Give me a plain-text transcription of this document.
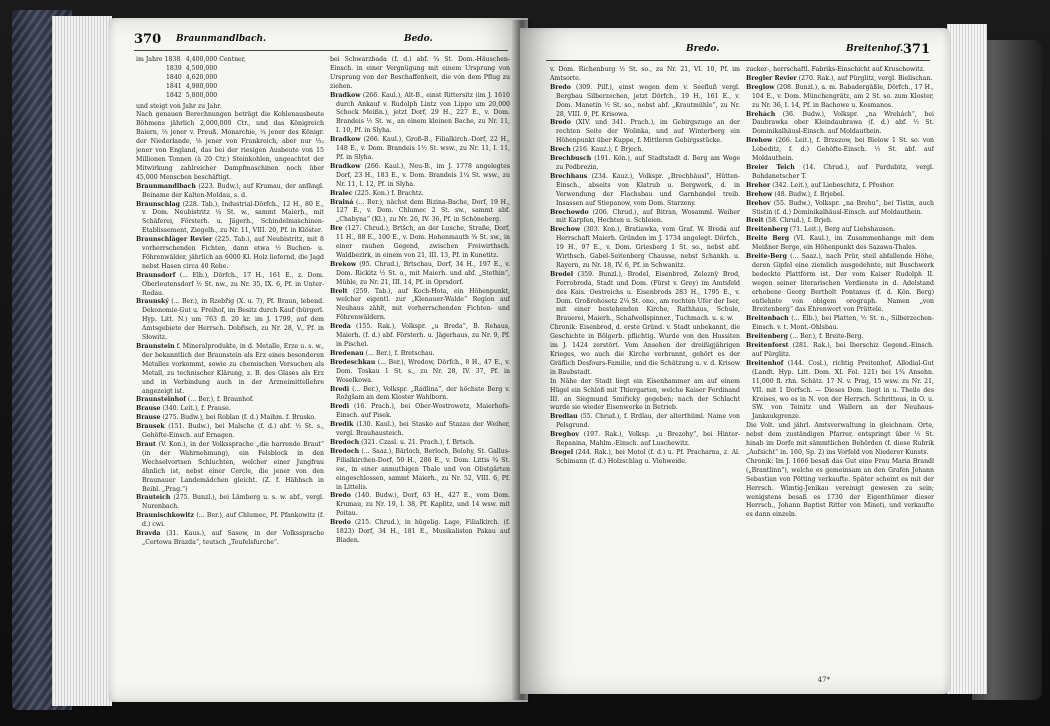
370 Braunmandlbach.	Bedo.
im Jahre 1838	4,400,000 Centner,
1839	4,500,000
1840	4,620,000
1841	4,980,000
1842	5,800,000

und steigt von Jahr zu Jahr.

Nach genauen Berechnungen beträgt die Kohlenausbeute Böhmens jährlich 2,000,000 Ctr., und das Königreich Baiern, ⅓ jener v. Preuß. Monarchie, ¼ jener des Königr. der Niederlande, ⅛ jener von Frankreich, aber nur ⅓₂ jener von England, das bei der riesigen Ausbeute von 15 Millionen Tonnen (à 20 Ctr.) Steinkohlen, ungeachtet der Mitwirkung zahlreicher Dampfmaschinen noch über 45,000 Menschen beschäftigt.

Braunmandlbach (223. Budw.), auf Krumau, der anfängl. Beiname der Kalten-Moldau, s. d.

Braunschlag (228. Tab.), Industrial-Dörfch., 12 H., 80 E., v. Dom. Neubistritz ¼ St. w., sammt Maierh., mit Schäferei, Försterh. u. Jägerh., Schindelmaschinen-Etablissement, Ziegelh., zu Nr. 11, VIII. 20, Pf. in Klöster.

Braunschläger Revier (225. Tab.), auf Neubistritz, mit 8 vorherrschenden Fichten, dann etwa ½ Buchen- u. Föhrenwälder, jährlich an 6000 Kl. Holz liefernd, die Jagd nebst Hasen circa 40 Rehe.

Braunsdorf (... Elb.), Dörfch., 17 H., 161 E., z. Dom. Oberleutensdorf ½ St. nw., zu Nr. 35, IX. 6, Pf. in Unter-Rodau.

Braunský (... Ber.), in Rzebřig (X. u. 7), Pf. Braun, lebend. Dekonomie-Gut u. Freihof, im Besitz durch Kauf (bürgerl. Hyp. Litt. N.) um 763 fl. 20 kr. im J. 1799, auf dem Amtsgebiete der Herrsch. Dobřisch, zu Nr. 28, V., Pf. in Słowitz.

Braunstein f. Mineralprodukte, in d. Metalle, Erze u. s. w., der bekanntlich der Braunstein als Erz eines besonderen Metalles vorkommt, sowie zu chemischen Versuchen als Metall, zu technischer Klärung, z. B. des Glases als Erz und in Verbindung auch in der Arzneimittellehre angezeigt ist.

Braunsteinhof (... Ber.), f. Braunhof.

Brause (340. Leit.), f. Prause.

Brause (275. Budw.), bei Roblan (f. d.) Maihm. f. Brusko.

Brausek (151. Budw.), bei Malsche (f. d.) abf. ½ St. s., Gehöfte-Einsch. auf Ernagen.

Braut (V. Kon.), in der Volkssprache „die harrende Braut“ (in der Wahrnehmung), ein Felsblock in den Wechselvortsen Schluchten, welcher einer Jungfrau ähnlich ist, nebst einer Cercle, die jener von den Braunauer Landemädchen gleicht. (Z. f. Hähhsch in Beibl. „Prag.“)

Brauteich (275. Bunzl.), bei Lämberg u. s. w. abf., vergl. Nurenbach.

Braunischkowitz (... Ber.), auf Chlumec, Pf. Pfankowitz (f. d.) cwi.

Bravda (31. Kaus.), auf Sasow, in der Volkssprache „Certowa Brazda“, teutsch „Teufelsfurche“.

bei Schwarzbada (f. d.) abf. ¾ St. Dom.-Häuschen-Einsch. in einer Vergnügung mit einem Ursprung von Ursprung von der Beschaffenheit, die von dem Pflug zu ziehen.

Bradkow (266. Kaul.), Alt-B., einst Rittersitz (im J. 1610 durch Ankauf v. Rudolph Lintz von Lippo um 20,000 Schock Meißn.), jetzt Dorf, 29 H., 227 E., v. Dom. Brandeis ½ St. w., an einem kleinen Bache, zu Nr. 11, I. 10, Pf. in Slyha.

Bradkow (266. Kaul.), Groß-B., Filialkirch.-Dorf, 22 H., 148 E., v. Dom. Brandeis 1½ St. wsw., zu Nr. 11, I. 11, Pf. in Slyha.

Bradkow (266. Kaul.), Neu-B., im J. 1778 angelegtes Dorf, 23 H., 183 E., v. Dom. Brandeis 1¼ St. wsw., zu Nr. 11, I. 12, Pf. in Slyha.

Bralec (225. Kon.) f. Brachtz.

Bralná (... Ber.), nächst dem Bizina-Bache, Dorf, 19 H., 127 E., v. Dom. Chlumec 2 St. sw., sammt abf. „Chabyna“ (Kl.), zu Nr. 26, IV. 36, Pf. in Schöneberg.

Bre (127. Chrud.), Brtšch, an der Lusche, Straße, Dorf, 11 H., 88 E., 100 E., v. Dom. Hohenmauth ⅜ St. sw., in einer rauhen Gegend, zwischen Freiwirthsch. Waldbezirk, in einem von 21, III. 13, Pf. in Kunetitz.

Brekow (95. Chrud.), Brtschau, Dorf, 34 H., 197 E., v. Dom. Rickitz ½ St. o., mit Maierh. und abf. „Stethin“, Mühle, zu Nr. 21, III. 14, Pf. in Oprsdorf.

Brelt (259. Tab.), auf Koch-Hota, ein Höhenpunkt, welcher eigentl. zur „Klenauer-Walde“ Region auf Neuhaus zählt, mit vorherrschenden Fichten- und Föhrenwäldern.

Breda (155. Rak.), Volkspr. „u Breda“, B. Rehaus, Maierh. (f. d.) abf. Försterh. u. Jägerhaus, zu Nr. 9, Pf. in Pischel.

Bredenau (... Ber.), f. Bretschau.

Bredeschkau (... Ber.), Wredow, Dörfch., 8 H., 47 E., v. Dom. Toskau 1 St. s., zu Nr. 28, IV. 37, Pf. in Woselkowa.

Bredi (... Ber.), Volkspr. „Radlina“, der höchste Berg v. Rožgšam an dem Kloster Wahlborn.

Bredi (16. Prach.), bei Ober-Wostrowetz, Maierhofs-Einsch. auf Pisek.

Bredik (130. Kaul.), bei Stasko auf Stazau der Weiher, vergl. Brauhausteich.

Bredoch (321. Czasl. u. 21. Prach.), f. Brtsch.

Bredoch (... Saaz.), Bärloch, Berloch, Belohy, St. Gallus-Filialkirchen-Dorf, 50 H., 286 E., v. Dom. Littis ¾ St. sw., in einer anmuthigen Thale und von Obstgärten eingeschlossen, sammt Maierh., zu Nr. 52, VIII. 6, Pf. in Littelis.

Bredo (140. Budw.), Dorf, 63 H., 427 E., vom Dom. Krumau, zu Nr. 19, I. 38, Pf. Kaplitz, und 14 wsw. mit Poitau.

Bredo (215. Chrud.), in hügelig. Lage, Filialkirch. (f. 1823) Dorf, 34 H., 181 E., Musikalisten Pakau auf Bladen.

Bredo.	Breitenhof. 371

v. Dom. Richenburg ½ St. so., zu Nr. 21, VI. 10, Pf. im Amtsorte.

Bredo (309. Pilf.), einst wegen dem v. Seefluß vergl. Bergbau Silberzechen, jetzt Dörfch., 19 H., 161 E., v. Dom. Manetin ½ St. so., nebst abf. „Krautmühle“, zu Nr. 28, VIII. 9, Pf. Krisowa.

Bredo (XIV. und 341. Prach.), im Gebirgszuge an der rechten Seite der Wolinka, und auf Winterberg ein Höhenpunkt über Kuppe, f. Mittleren Gebirgsstücke.

Brech (216. Kauz.), f. Brjech.

Brechbusch (191. Kön.), auf Stadtstadt d. Berg am Wege zu Podbrezin.

Brechhaus (234. Kauz.), Volkspr. „Brechhäusl“, Hütten-Einsch., abseits von Klatrub u. Bergwerk, d. in Verwendung der Flachsbau und Garnbandel treib. Insassen auf Stiepanow, vom Dom. Starzeny.

Brechowdo (206. Chrud.), auf Bitran, Wosamml. Weiher mit Karpfen, Hechten u. Schleien.

Brechow (303. Kon.), Bratiawka, vom Graf. W. Breda auf Herrschaft Maierh. Gründen im J. 1734 angelegt. Dörfch., 19 H., 97 E., v. Dom. Griesberg 1 St. so., nebst abf. Wirthsch. Gabel-Seitenberg Chausse, nebst Schankh. u. Rayern, zu Nr. 18, IV. 6, Pf. in Schwanitz.

Bredel (359. Bunzl.), Brodel, Eisenbrod, Zeleznÿ Brod, Ferrobroda, Stadt und Dom. (Fürst v. Grey) im Amtsfeld des Kais. Oestreichs u. Eisenbrods 283 H., 1795 E., v. Dom. Großrohosetz 2¼ St. ono., am rechten Ufer der Iser, mit einer bestehenden Kirche, Rathhaus, Schule, Brauerei, Maierh., Schafwollspinner., Tuchmach. u. s. w.

Chronik: Eisenbrod, d. erste Gründ. v. Stadt unbekannt, die Geschichte in Bölgerb. pflichtig. Wurde von den Hussiten im J. 1424 zerstört. Vom Ansehen der dreißigjährigen Krieges, wo auch die Kirche verbrannt, gehört es der Gräflich Desfours-Familie, und die Schätzung u. v. d. Krisow in Baubstadt.

In Nähe der Stadt liegt ein Eisenhammer am auf einem Hügel ein Schloß mit Thiergarten, welche Kaiser Ferdinand III. an Siegmund Smiřicky gegeben; nach der Schlacht wurde sie wieder Eisenwerke in Betrieb.

Bredlau (55. Chrud.), f. Brdlau, der alterthüml. Name von Pelsgrund.

Breghov (197. Rak.), Volksp. „u Brezohy“, bei Hinter-Repanina, Mahlm.-Einsch. auf Luschewitz.

Bregel (244. Rak.), bei Motol (f. d.) u. Pf. Pracharna, z. Al. Schimann (f. d.) Holzschlag u. Viehweide.

zucker-, herrschaftl. Fabriks-Einschicht auf Kruschowitz.

Bregler Revier (270. Rak.), auf Pürglitz, vergl. Bielischan.

Breglow (208. Bunzl.), a. m. Babadergäßle, Dörfch., 17 H., 104 E., v. Dom. Münchengrätz, am 2 St. so. zum Kloster, zu Nr. 36, I. 14, Pf. in Bachowe u. Kosmanos.

Brehách (36. Budw.), Volkspr. „na Wrehách“, bei Daubrawka ober Kleindaubrawa (f. d.) abf. ½ St. Dominikalhäusl-Einsch. auf Moldauthein.

Brehow (266. Leit.), f. Brzezow, bei Bielow 1 St. so. von Lobeditz, f. d.) Gehöfte-Einsch. ½ St. abf. auf Moldauthein.

Breier Teich (14. Chrud.), auf Pardubitz, vergl. Bohdanetscher T.

Brehor (342. Leit.), auf Liebeschitz, f. Přeshor.

Brehow (48. Budw.), f. Brjebel.

Brehov (55. Budw.), Volkspr. „na Brehu“, bei Tistin, auch Stistin (f. d.) Dominikalhäusl-Einsch. auf Moldauthein.

Breit (58. Chrud.), f. Brjeh.

Breitenberg (71. Leit.), Berg auf Liebshausen.

Breite Berg (VI. Kaul.), im Zusammenhange mit dem Meißner Berge, ein Höhenpunkt des Sazawa-Thales.

Breite-Berg (... Saaz.), nach Prür, steil abfallende Höhe, deren Gipfel eine ziemlich ausgedehnte, mit Buschwerk bedeckte Plattform ist. Der vom Kaiser Rudolph II. wegen seiner literarischen Verdienste in d. Adelstand erhobene Georg Bertholt Pontanus (f. d. Kön. Berg) entlehnte von obigem orograph. Namen „von Breitenberg“ das Ehrenwort von Prättele.

Breitenbach (... Elb.), bei Platten, ½ St. n., Silberzechen-Einsch. v. t. Mont.-Ohlsbau.

Breitenberg (... Ber.), f. Breite-Berg.

Breitenforst (281. Rak.), bei Iberschiz Gegend.-Einsch. auf Pürglitz.

Breitenhof (144. Cosl.), richtig Preitenhof, Allodial-Gut (Landt. Hyp. Litt. Dom. XI. Fol. 121) bei 1¾ Ansehn. 11,000 fl. rhn. Schätz. 17 N. v. Prag, 15 wsw. zu Nr. 21, VII. mit 1 Dorfsch. — Dieses Dom. liegt in u. Theile des Kreises, wo es in N. von der Herrsch. Schritteus, in O. u. SW. von Teinitz und Wallern an der Neuhaus-Jankaukgrenze.

Die Volt. und jährl. Amtsverwaltung in gleichnam. Orte, nebst dem zuständigen Pfarrer, entspringt über ½ St. hinab im Dorfe mit sämmtlichen Behörden (f. diese Rubrik „Aufsicht“ in. 160, Sp. 2) ins Vorfeld von Niederer Kunsts.

Chronik: Im J. 1666 besaß das Gut eine Frau Maria Brandl („Brantlinn“), welche es gemeinsam an den Grafen Johann Sebastian von Pötting verkaufte. Später scheint es mit der Herrsch. Wimtig-Jenikau vereinigt gewesen zu sein; wenigstens besaß es 1730 der Eigenthümer dieser Herrsch., Johann Baptist Ritter von Mineti, und verkaufte es dann einzeln.

47*
